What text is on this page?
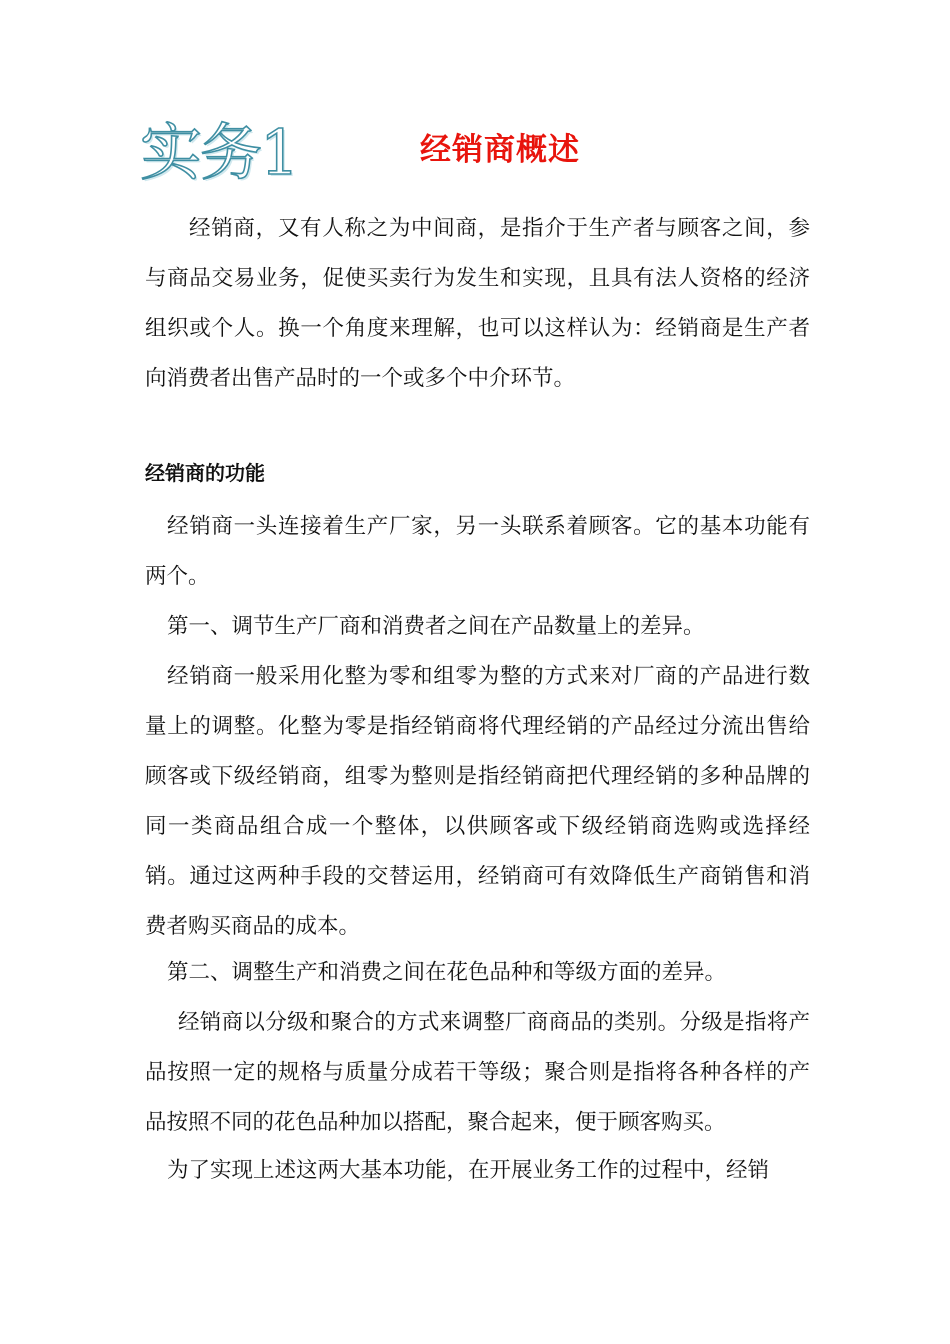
实务1	经销商概述

经销商，又有人称之为中间商，是指介于生产者与顾客之间，参与商品交易业务，促使买卖行为发生和实现，且具有法人资格的经济组织或个人。换一个角度来理解，也可以这样认为：经销商是生产者向消费者出售产品时的一个或多个中介环节。

经销商的功能

经销商一头连接着生产厂家，另一头联系着顾客。它的基本功能有两个。

第一、调节生产厂商和消费者之间在产品数量上的差异。

经销商一般采用化整为零和组零为整的方式来对厂商的产品进行数量上的调整。化整为零是指经销商将代理经销的产品经过分流出售给顾客或下级经销商，组零为整则是指经销商把代理经销的多种品牌的同一类商品组合成一个整体，以供顾客或下级经销商选购或选择经销。通过这两种手段的交替运用，经销商可有效降低生产商销售和消费者购买商品的成本。

第二、调整生产和消费之间在花色品种和等级方面的差异。

经销商以分级和聚合的方式来调整厂商商品的类别。分级是指将产品按照一定的规格与质量分成若干等级；聚合则是指将各种各样的产品按照不同的花色品种加以搭配，聚合起来，便于顾客购买。

为了实现上述这两大基本功能，在开展业务工作的过程中，经销
